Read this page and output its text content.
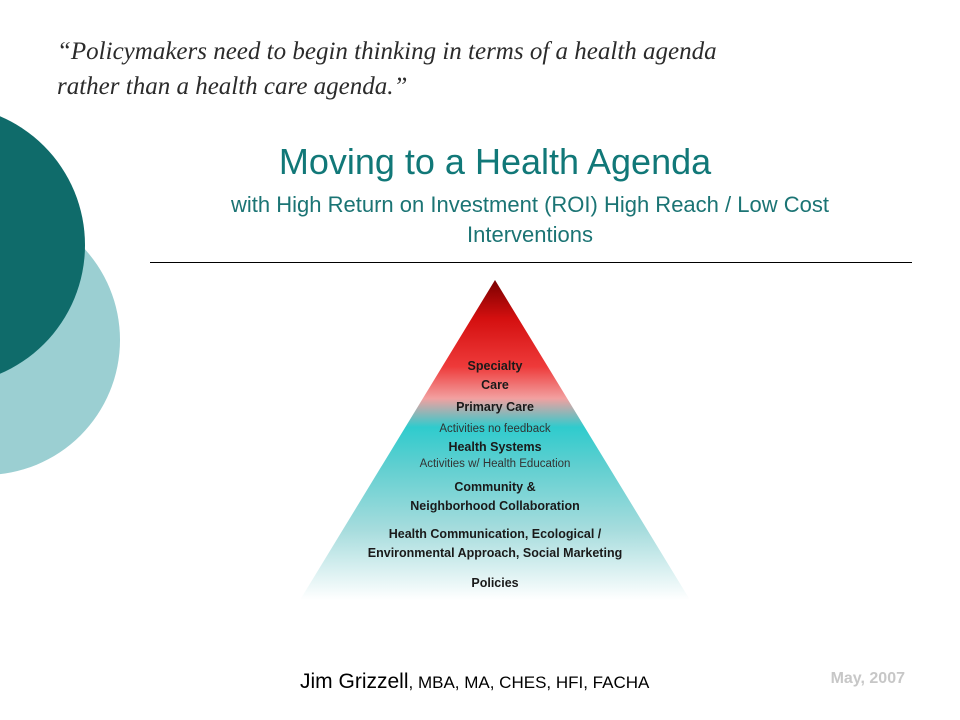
“Policymakers need to begin thinking in terms of a health agenda
rather than a health care agenda.”

Moving to a Health Agenda
with High Return on Investment (ROI) High Reach / Low Cost Interventions
Specialty
Care
Primary Care
Activities no feedback
Health Systems
Activities w/ Health Education
Community &
Neighborhood Collaboration
Health Communication, Ecological /
Environmental Approach, Social Marketing
Policies
Jim Grizzell, MBA, MA, CHES, HFI, FACHA	May, 2007
